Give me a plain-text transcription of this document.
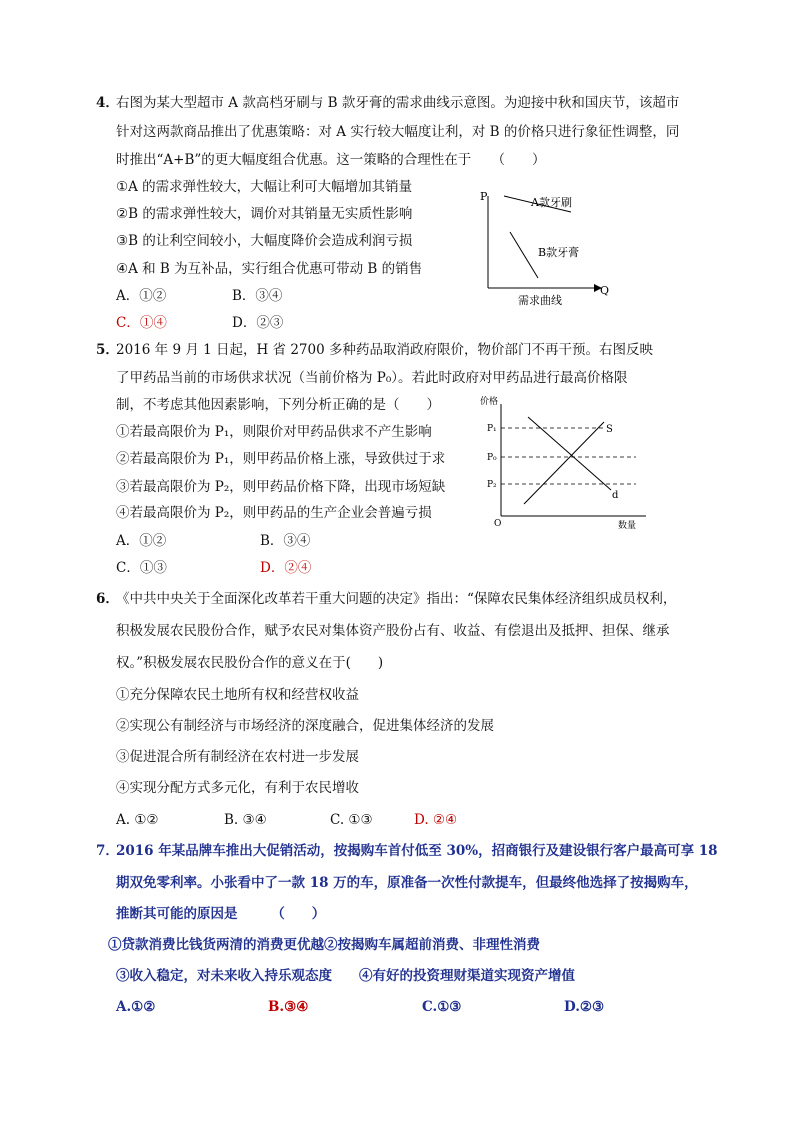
4．
右图为某大型超市 A 款高档牙刷与 B 款牙膏的需求曲线示意图。为迎接中秋和国庆节，该超市
针对这两款商品推出了优惠策略：对 A 实行较大幅度让利，对 B 的价格只进行象征性调整，同
时推出“A+B”的更大幅度组合优惠。这一策略的合理性在于　　（　　）
①A 的需求弹性较大，大幅让利可大幅增加其销量
②B 的需求弹性较大，调价对其销量无实质性影响
③B 的让利空间较小，大幅度降价会造成利润亏损
④A 和 B 为互补品，实行组合优惠可带动 B 的销售
A．①②	B．③④
C．①④	D．②③
P
Q
A款牙刷
B款牙膏
需求曲线
5．
2016 年 9 月 1 日起，H 省 2700 多种药品取消政府限价，物价部门不再干预。右图反映
了甲药品当前的市场供求状况（当前价格为 P₀）。若此时政府对甲药品进行最高价格限
制，不考虑其他因素影响，下列分析正确的是（　　）
①若最高限价为 P₁，则限价对甲药品供求不产生影响
②若最高限价为 P₁，则甲药品价格上涨，导致供过于求
③若最高限价为 P₂，则甲药品价格下降，出现市场短缺
④若最高限价为 P₂，则甲药品的生产企业会普遍亏损
A．①②	B．③④
C．①③	D．②④
价格
数量
O
P₁
P₀
P₂
S
d
6．
《中共中央关于全面深化改革若干重大问题的决定》指出：“保障农民集体经济组织成员权利，
积极发展农民股份合作，赋予农民对集体资产股份占有、收益、有偿退出及抵押、担保、继承
权。”积极发展农民股份合作的意义在于(　　)
①充分保障农民土地所有权和经营权收益
②实现公有制经济与市场经济的深度融合，促进集体经济的发展
③促进混合所有制经济在农村进一步发展
④实现分配方式多元化，有利于农民增收
A. ①②	B. ③④	C. ①③	D. ②④
7．
2016 年某品牌车推出大促销活动，按揭购车首付低至 30%，招商银行及建设银行客户最高可享 18
期双免零利率。小张看中了一款 18 万的车，原准备一次性付款提车，但最终他选择了按揭购车，
推断其可能的原因是　　　（　　）
①贷款消费比钱货两清的消费更优越②按揭购车属超前消费、非理性消费
③收入稳定，对未来收入持乐观态度　　④有好的投资理财渠道实现资产增值
A.①②	B.③④	C.①③	D.②③
